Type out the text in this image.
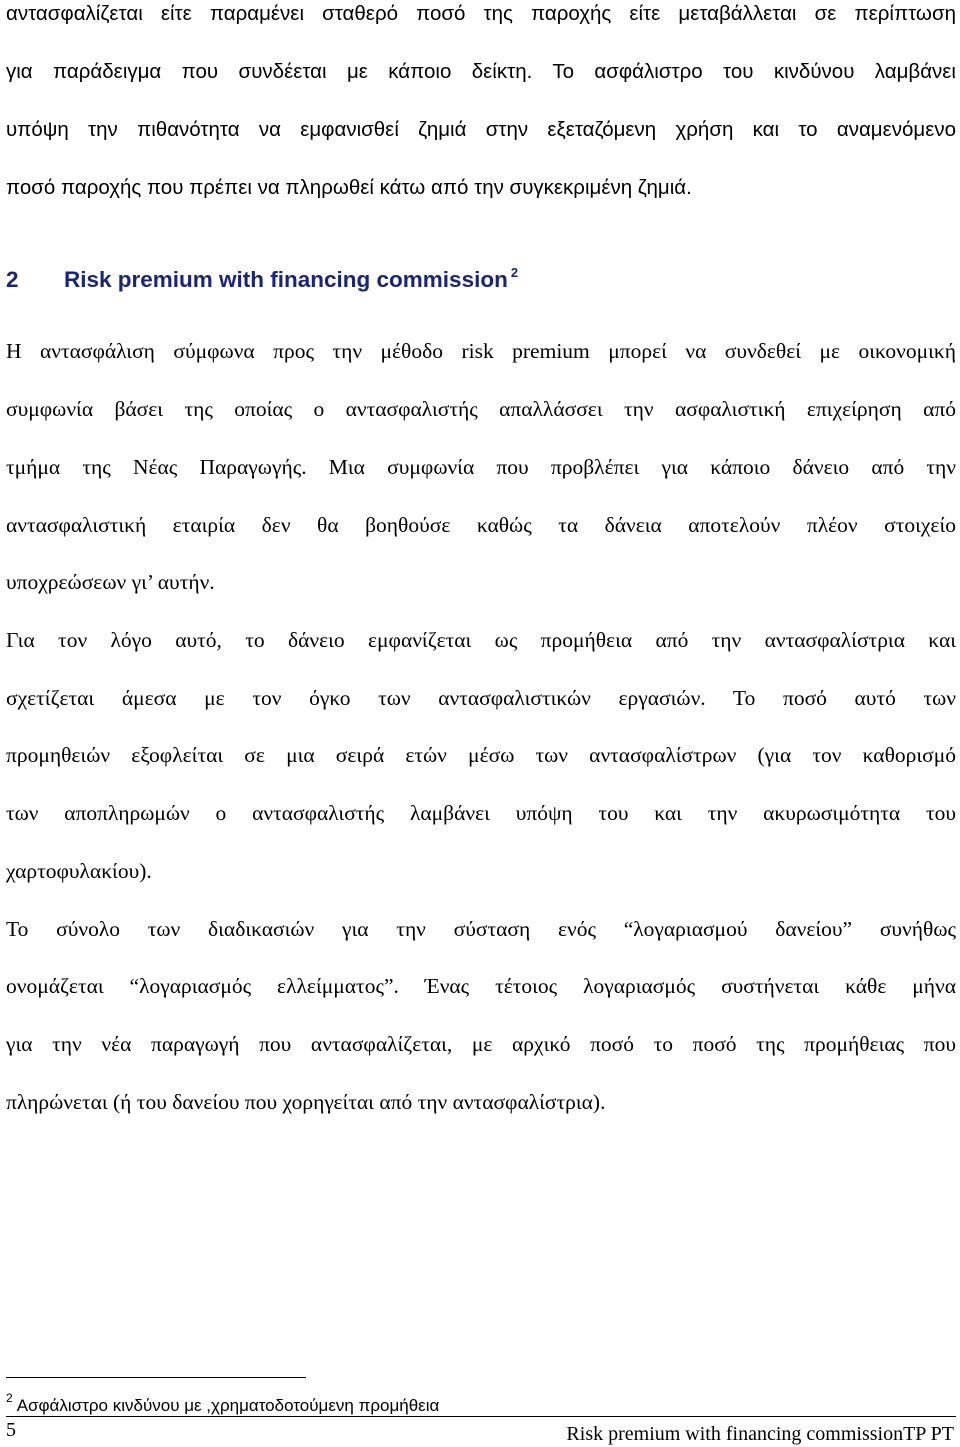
αντασφαλίζεται είτε παραμένει σταθερό ποσό της παροχής είτε μεταβάλλεται σε περίπτωση
για παράδειγμα που συνδέεται με κάποιο δείκτη. Το ασφάλιστρο του κινδύνου λαμβάνει
υπόψη την πιθανότητα να εμφανισθεί ζημιά στην εξεταζόμενη χρήση και το αναμενόμενο
ποσό παροχής που πρέπει να πληρωθεί κάτω από την συγκεκριμένη ζημιά.
2 Risk premium with financing commission $^2$
Η αντασφάλιση σύμφωνα προς την μέθοδο risk premium μπορεί να συνδεθεί με οικονομική
συμφωνία βάσει της οποίας ο αντασφαλιστής απαλλάσσει την ασφαλιστική επιχείρηση από
τμήμα της Νέας Παραγωγής. Μια συμφωνία που προβλέπει για κάποιο δάνειο από την
αντασφαλιστική εταιρία δεν θα βοηθούσε καθώς τα δάνεια αποτελούν πλέον στοιχείο
υποχρεώσεων γι’ αυτήν.
Για τον λόγο αυτό, το δάνειο εμφανίζεται ως προμήθεια από την αντασφαλίστρια και
σχετίζεται άμεσα με τον όγκο των αντασφαλιστικών εργασιών. Το ποσό αυτό των
προμηθειών εξοφλείται σε μια σειρά ετών μέσω των αντασφαλίστρων (για τον καθορισμό
των αποπληρωμών ο αντασφαλιστής λαμβάνει υπόψη του και την ακυρωσιμότητα του
χαρτοφυλακίου).
Το σύνολο των διαδικασιών για την σύσταση ενός “λογαριασμού δανείου” συνήθως
ονομάζεται “λογαριασμός ελλείμματος”. Ένας τέτοιος λογαριασμός συστήνεται κάθε μήνα
για την νέα παραγωγή που αντασφαλίζεται, με αρχικό ποσό το ποσό της προμήθειας που
πληρώνεται (ή του δανείου που χορηγείται από την αντασφαλίστρια).
$^2$ Ασφάλιστρο κινδύνου με ,χρηματοδοτούμενη προμήθεια
5	Risk premium with financing commissionTP PT
